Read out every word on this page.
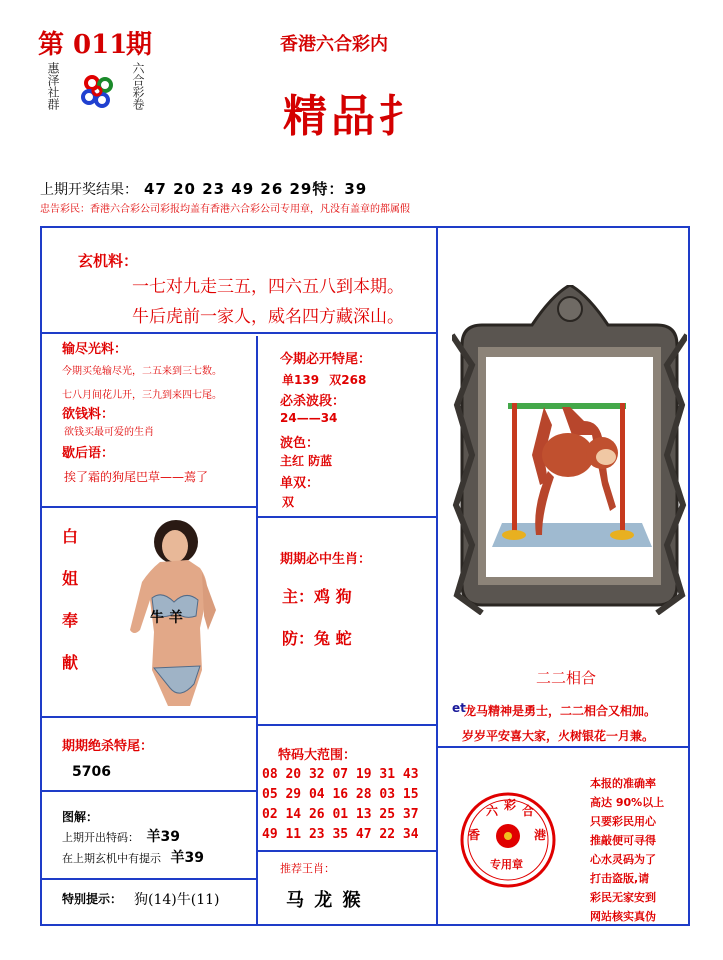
第 011
期
惠泽社群	六合彩卷
香港六合彩内
精品扌
上期开奖结果： 47 20 23 49 26 29特：39
忠告彩民：香港六合彩公司彩报均盖有香港六合彩公司专用章，凡没有盖章的都属假
玄机料：
一七对九走三五，四六五八到本期。
牛后虎前一家人，威名四方藏深山。
输尽光料：
今期买兔输尽光，二五来到三七数。
七八月间花儿开，三九到来四七尾。
欲钱料：
欲钱买最可爱的生肖
歇后语：
挨了霜的狗尾巴草——蔫了
今期必开特尾：
单139 双268
必杀波段：
24——34
波色：
主红 防蓝
单双：
双
白
姐
奉
献
牛 羊
期期必中生肖：
主：鸡 狗
防：兔 蛇
二二相合
et
龙马精神是勇士，二二相合又相加。
岁岁平安喜大家，火树银花一月兼。
期期绝杀特尾：
5706
特码大范围：
08 20 32 07 19 31 43
05 29 04 16 28 03 15
02 14 26 01 13 25 37
49 11 23 35 47 22 34
图解：
上期开出特码： 羊39
在上期玄机中有提示 羊39
特别提示： 狗(14)牛(11)
推荐王肖：
马 龙 猴
六 彩 合
香	港
专用章
本报的准确率
高达 90%以上
只要彩民用心
推敲便可寻得
心水灵码为了
打击盗版,请
彩民无家安到
网站核实真伪
